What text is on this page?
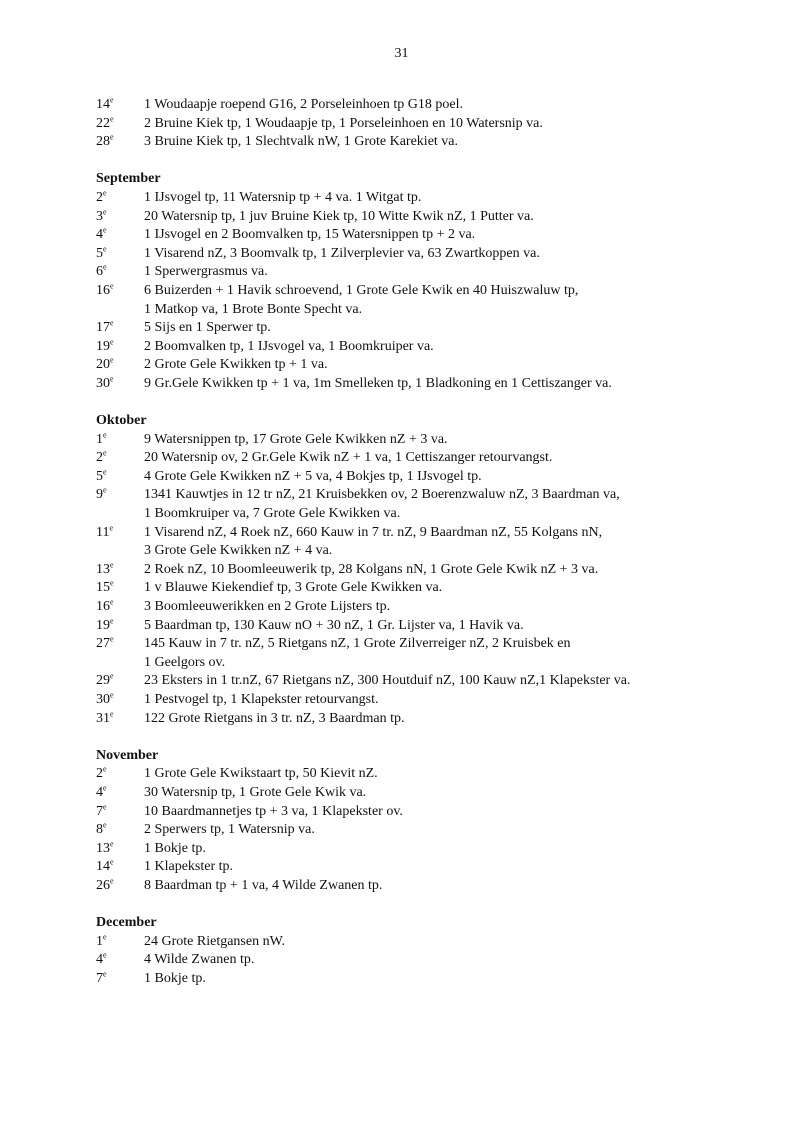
31
14e	1 Woudaapje roepend G16, 2 Porseleinhoen tp G18 poel.
22e	2 Bruine Kiek tp, 1 Woudaapje tp, 1 Porseleinhoen en 10 Watersnip va.
28e	3 Bruine Kiek tp, 1 Slechtvalk nW, 1 Grote Karekiet va.
September
2e	1 IJsvogel tp, 11 Watersnip tp + 4 va. 1 Witgat tp.
3e	20 Watersnip tp, 1 juv Bruine Kiek tp, 10 Witte Kwik nZ, 1 Putter va.
4e	1 IJsvogel en 2 Boomvalken tp, 15 Watersnippen tp + 2 va.
5e	1 Visarend nZ, 3 Boomvalk tp, 1 Zilverplevier va, 63 Zwartkoppen va.
6e	1 Sperwergrasmus va.
16e	6 Buizerden + 1 Havik schroevend, 1 Grote Gele Kwik en 40 Huiszwaluw tp,
1 Matkop va, 1 Brote Bonte Specht va.
17e	5 Sijs en 1 Sperwer tp.
19e	2 Boomvalken tp, 1 IJsvogel va, 1 Boomkruiper va.
20e	2 Grote Gele Kwikken tp + 1 va.
30e	9 Gr.Gele Kwikken tp + 1 va, 1m Smelleken tp, 1 Bladkoning en 1 Cettiszanger va.
Oktober
1e	9 Watersnippen tp, 17 Grote Gele Kwikken nZ + 3 va.
2e	20 Watersnip ov, 2 Gr.Gele Kwik nZ + 1 va, 1 Cettiszanger retourvangst.
5e	4 Grote Gele Kwikken nZ + 5 va, 4 Bokjes tp, 1 IJsvogel tp.
9e	1341 Kauwtjes in 12 tr nZ, 21 Kruisbekken ov, 2 Boerenzwaluw nZ, 3 Baardman va,
1 Boomkruiper va, 7 Grote Gele Kwikken va.
11e	1 Visarend nZ, 4 Roek nZ, 660 Kauw in 7 tr. nZ, 9 Baardman nZ, 55 Kolgans nN,
3 Grote Gele Kwikken nZ + 4 va.
13e	2 Roek nZ, 10 Boomleeuwerik tp, 28 Kolgans nN, 1 Grote Gele Kwik nZ + 3 va.
15e	1 v Blauwe Kiekendief tp, 3 Grote Gele Kwikken va.
16e	3 Boomleeuwerikken en 2 Grote Lijsters tp.
19e	5 Baardman tp, 130 Kauw nO + 30 nZ, 1 Gr. Lijster va, 1 Havik va.
27e	145 Kauw in 7 tr. nZ, 5 Rietgans nZ, 1 Grote Zilverreiger nZ, 2 Kruisbek en
1 Geelgors ov.
29e	23 Eksters in 1 tr.nZ, 67 Rietgans nZ, 300 Houtduif nZ, 100 Kauw nZ,1 Klapekster va.
30e	1 Pestvogel tp, 1 Klapekster retourvangst.
31e	122 Grote Rietgans in 3 tr. nZ, 3 Baardman tp.
November
2e	1 Grote Gele Kwikstaart tp, 50 Kievit nZ.
4e	30 Watersnip tp, 1 Grote Gele Kwik va.
7e	10 Baardmannetjes tp + 3 va, 1 Klapekster ov.
8e	2 Sperwers tp, 1 Watersnip va.
13e	1 Bokje tp.
14e	1 Klapekster tp.
26e	8 Baardman tp + 1 va, 4 Wilde Zwanen tp.
December
1e	24 Grote Rietgansen nW.
4e	4 Wilde Zwanen tp.
7e	1 Bokje tp.
